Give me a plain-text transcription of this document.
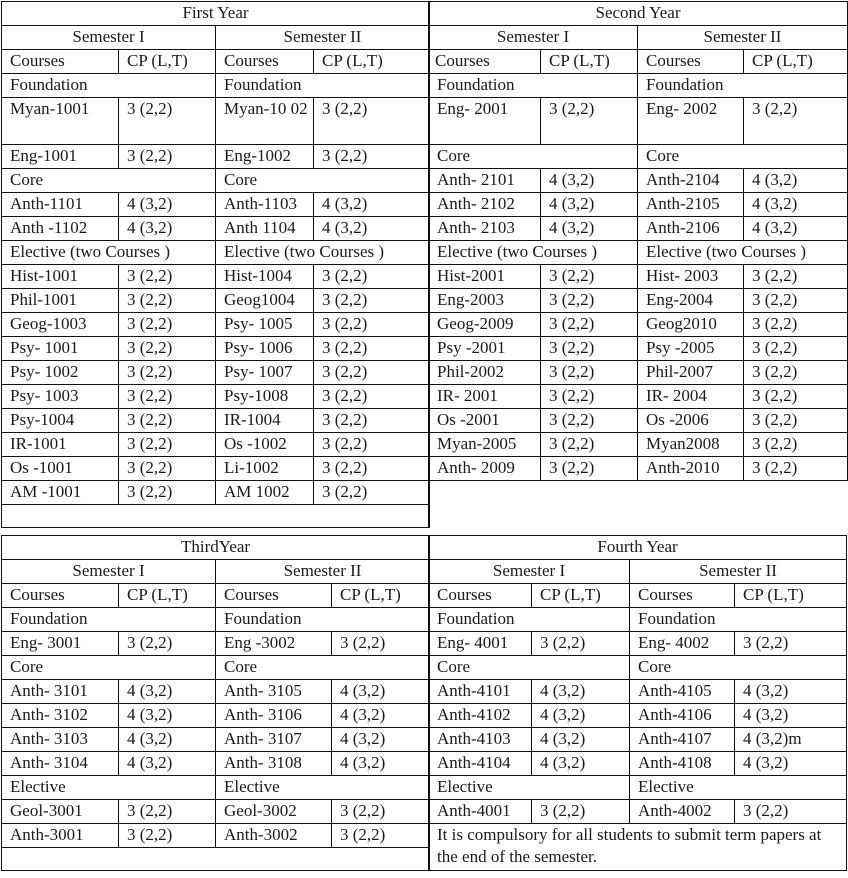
First Year			
Semester I		Semester II	
Courses	CP (L,T)	Courses	CP (L,T)
Foundation		Foundation	
Myan-1001	3 (2,2)	Myan-10 02	3 (2,2)
Eng-1001	3 (2,2)	Eng-1002	3 (2,2)
Core		Core	
Anth-1101	4 (3,2)	Anth-1103	4 (3,2)
Anth -1102	4 (3,2)	Anth 1104	4 (3,2)
Elective (two Courses )		Elective (two Courses )	
Hist-1001	3 (2,2)	Hist-1004	3 (2,2)
Phil-1001	3 (2,2)	Geog1004	3 (2,2)
Geog-1003	3 (2,2)	Psy- 1005	3 (2,2)
Psy- 1001	3 (2,2)	Psy- 1006	3 (2,2)
Psy- 1002	3 (2,2)	Psy- 1007	3 (2,2)
Psy- 1003	3 (2,2)	Psy-1008	3 (2,2)
Psy-1004	3 (2,2)	IR-1004	3 (2,2)
IR-1001	3 (2,2)	Os -1002	3 (2,2)
Os -1001	3 (2,2)	Li-1002	3 (2,2)
AM -1001	3 (2,2)	AM 1002	3 (2,2)

Second Year			
Semester I		Semester II	
Courses	CP (L,T)	Courses	CP (L,T)
Foundation		Foundation	
Eng- 2001	3 (2,2)	Eng- 2002	3 (2,2)
Core		Core	
Anth- 2101	4 (3,2)	Anth-2104	4 (3,2)
Anth- 2102	4 (3,2)	Anth-2105	4 (3,2)
Anth- 2103	4 (3,2)	Anth-2106	4 (3,2)
Elective (two Courses )		Elective (two Courses )	
Hist-2001	3 (2,2)	Hist- 2003	3 (2,2)
Eng-2003	3 (2,2)	Eng-2004	3 (2,2)
Geog-2009	3 (2,2)	Geog2010	3 (2,2)
Psy -2001	3 (2,2)	Psy -2005	3 (2,2)
Phil-2002	3 (2,2)	Phil-2007	3 (2,2)
IR- 2001	3 (2,2)	IR- 2004	3 (2,2)
Os -2001	3 (2,2)	Os -2006	3 (2,2)
Myan-2005	3 (2,2)	Myan2008	3 (2,2)
Anth- 2009	3 (2,2)	Anth-2010	3 (2,2)

ThirdYear			
Semester I		Semester II	
Courses	CP (L,T)	Courses	CP (L,T)
Foundation		Foundation	
Eng- 3001	3 (2,2)	Eng -3002	3 (2,2)
Core		Core	
Anth- 3101	4 (3,2)	Anth- 3105	4 (3,2)
Anth- 3102	4 (3,2)	Anth- 3106	4 (3,2)
Anth- 3103	4 (3,2)	Anth- 3107	4 (3,2)
Anth- 3104	4 (3,2)	Anth- 3108	4 (3,2)
Elective		Elective	
Geol-3001	3 (2,2)	Geol-3002	3 (2,2)
Anth-3001	3 (2,2)	Anth-3002	3 (2,2)

Fourth Year			
Semester I		Semester II	
Courses	CP (L,T)	Courses	CP (L,T)
Foundation		Foundation	
Eng- 4001	3 (2,2)	Eng- 4002	3 (2,2)
Core		Core	
Anth-4101	4 (3,2)	Anth-4105	4 (3,2)
Anth-4102	4 (3,2)	Anth-4106	4 (3,2)
Anth-4103	4 (3,2)	Anth-4107	4 (3,2)m
Anth-4104	4 (3,2)	Anth-4108	4 (3,2)
Elective		Elective	
Anth-4001	3 (2,2)	Anth-4002	3 (2,2)
It is compulsory for all students to submit term papers at the end of the semester.			
